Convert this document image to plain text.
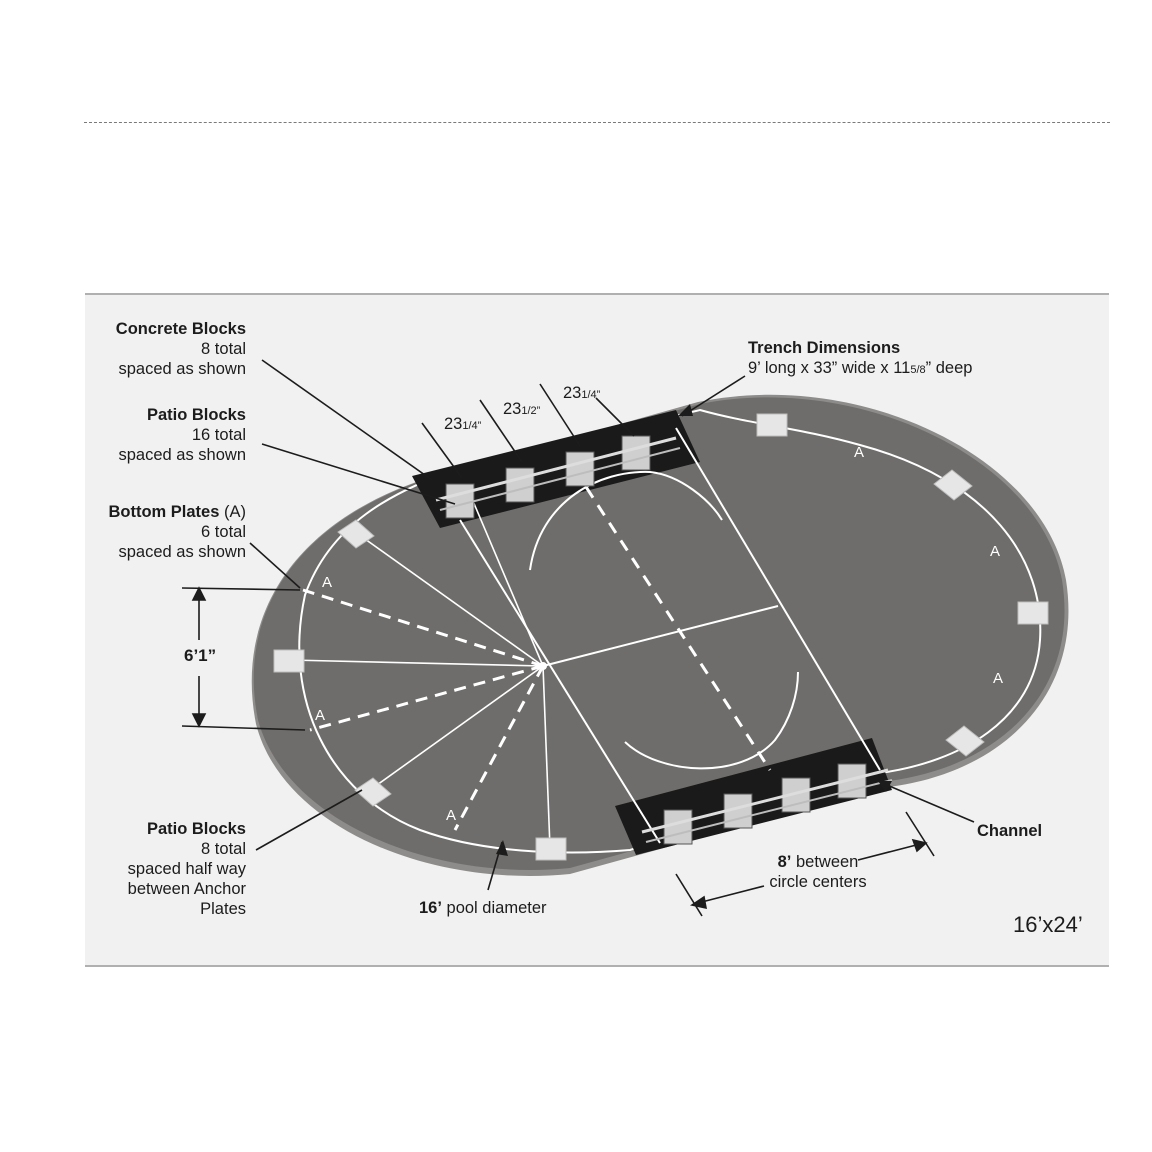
A
A
A
A
A
A
Concrete Blocks
8 total
spaced as shown
Patio Blocks
16 total
spaced as shown
Bottom Plates (A)
6 total
spaced as shown
6’1”
Patio Blocks
8 total
spaced half way
between Anchor
Plates	16’ pool diameter
Trench Dimensions
9’ long x 33” wide x 115/8” deep
231/4”
231/2”
231/4”
8’ between
circle centers
Channel
16’x24’
